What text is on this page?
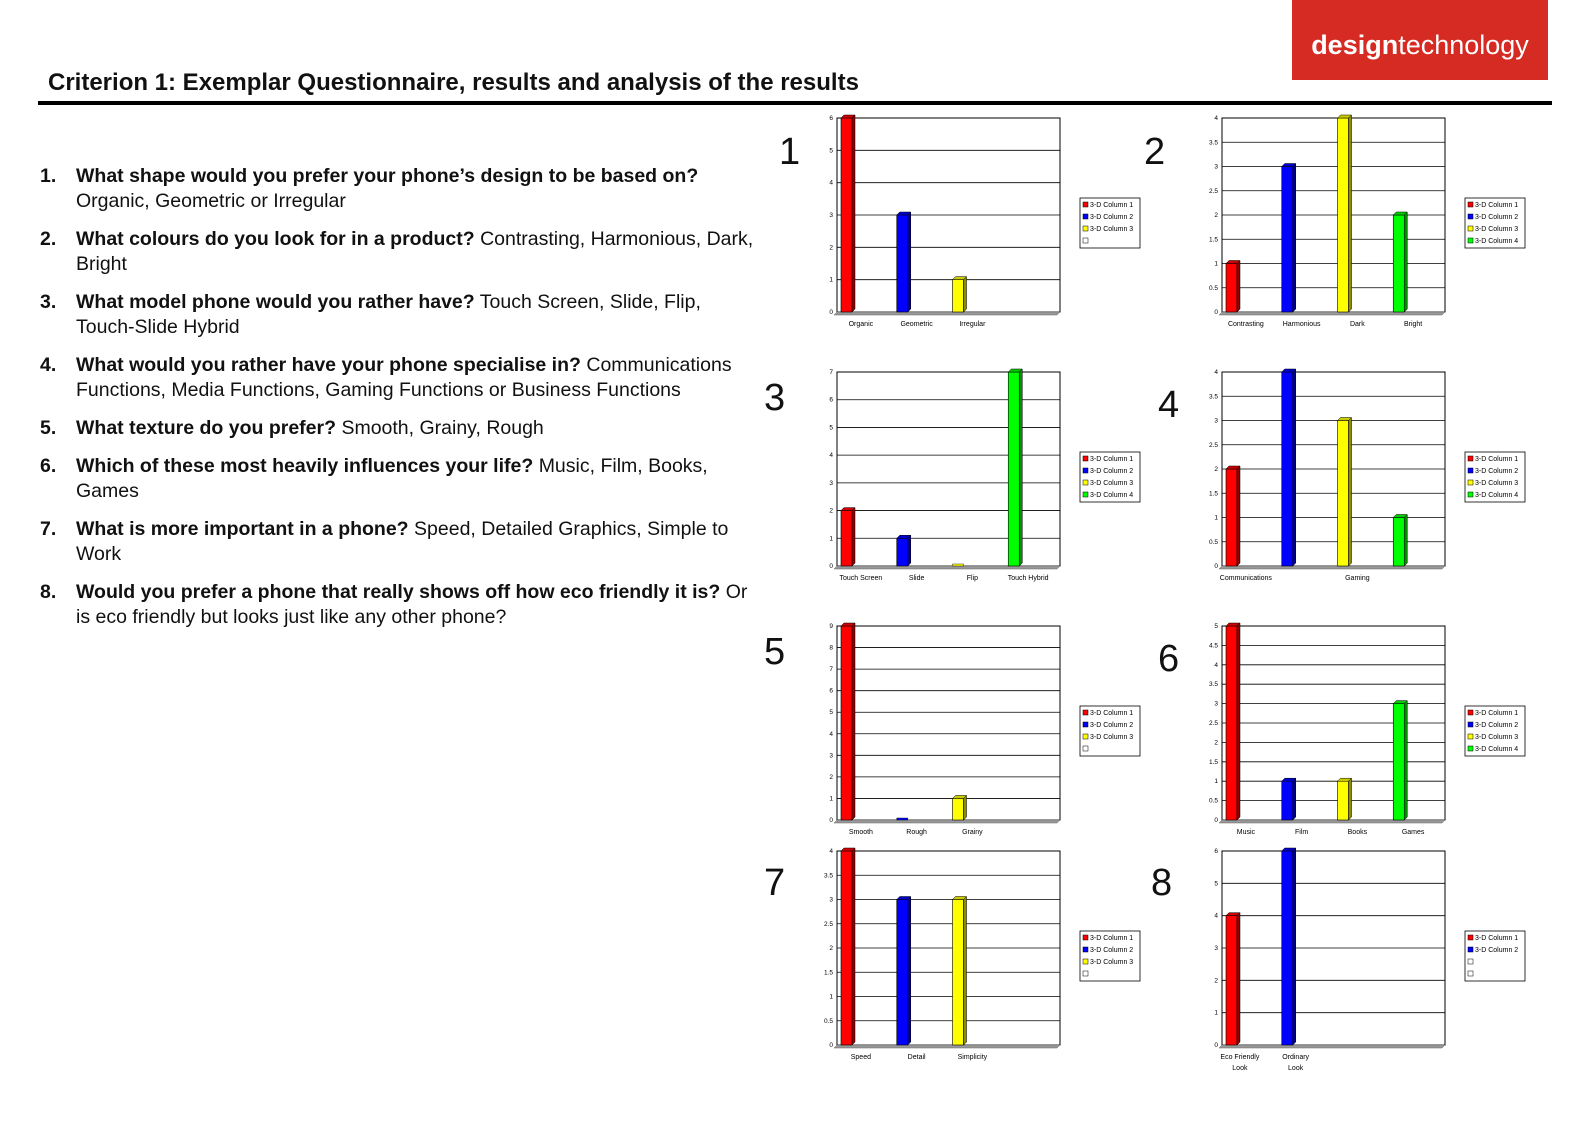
designtechnology
Criterion 1: Exemplar Questionnaire, results and analysis of the results
1. What shape would you prefer your phone’s design to be based on? Organic, Geometric or Irregular
2. What colours do you look for in a product? Contrasting, Harmonious, Dark, Bright
3. What model phone would you rather have? Touch Screen, Slide, Flip, Touch-Slide Hybrid
4. What would you rather have your phone specialise in? Communications Functions, Media Functions, Gaming Functions or Business Functions
5. What texture do you prefer? Smooth, Grainy, Rough
6. Which of these most heavily influences your life? Music, Film, Books, Games
7. What is more important in a phone? Speed, Detailed Graphics, Simple to Work
8. Would you prefer a phone that really shows off how eco friendly it is? Or is eco friendly but looks just like any other phone?
1	2
3	4
5	6
7	8
0
1
2
3
4
5
6
Organic	Geometric	Irregular
3-D Column 1
3-D Column 2
3-D Column 3
0
0.5
1
1.5
2
2.5
3
3.5
4
Contrasting	Harmonious	Dark	Bright
3-D Column 1
3-D Column 2
3-D Column 3
3-D Column 4
0
1
2
3
4
5
6
7
Touch Screen	Slide	Flip	Touch Hybrid
3-D Column 1
3-D Column 2
3-D Column 3
3-D Column 4
0
0.5
1
1.5
2
2.5
3
3.5
4
Communications	Gaming
3-D Column 1
3-D Column 2
3-D Column 3
3-D Column 4
0
1
2
3
4
5
6
7
8
9
Smooth	Rough	Grainy
3-D Column 1
3-D Column 2
3-D Column 3
0
0.5
1
1.5
2
2.5
3
3.5
4
4.5
5
Music	Film	Books	Games
3-D Column 1
3-D Column 2
3-D Column 3
3-D Column 4
0
0.5
1
1.5
2
2.5
3
3.5
4
Speed	Detail	Simplicity
3-D Column 1
3-D Column 2
3-D Column 3
0
1
2
3
4
5
6
Eco Friendly
Look
Ordinary
Look
3-D Column 1
3-D Column 2
